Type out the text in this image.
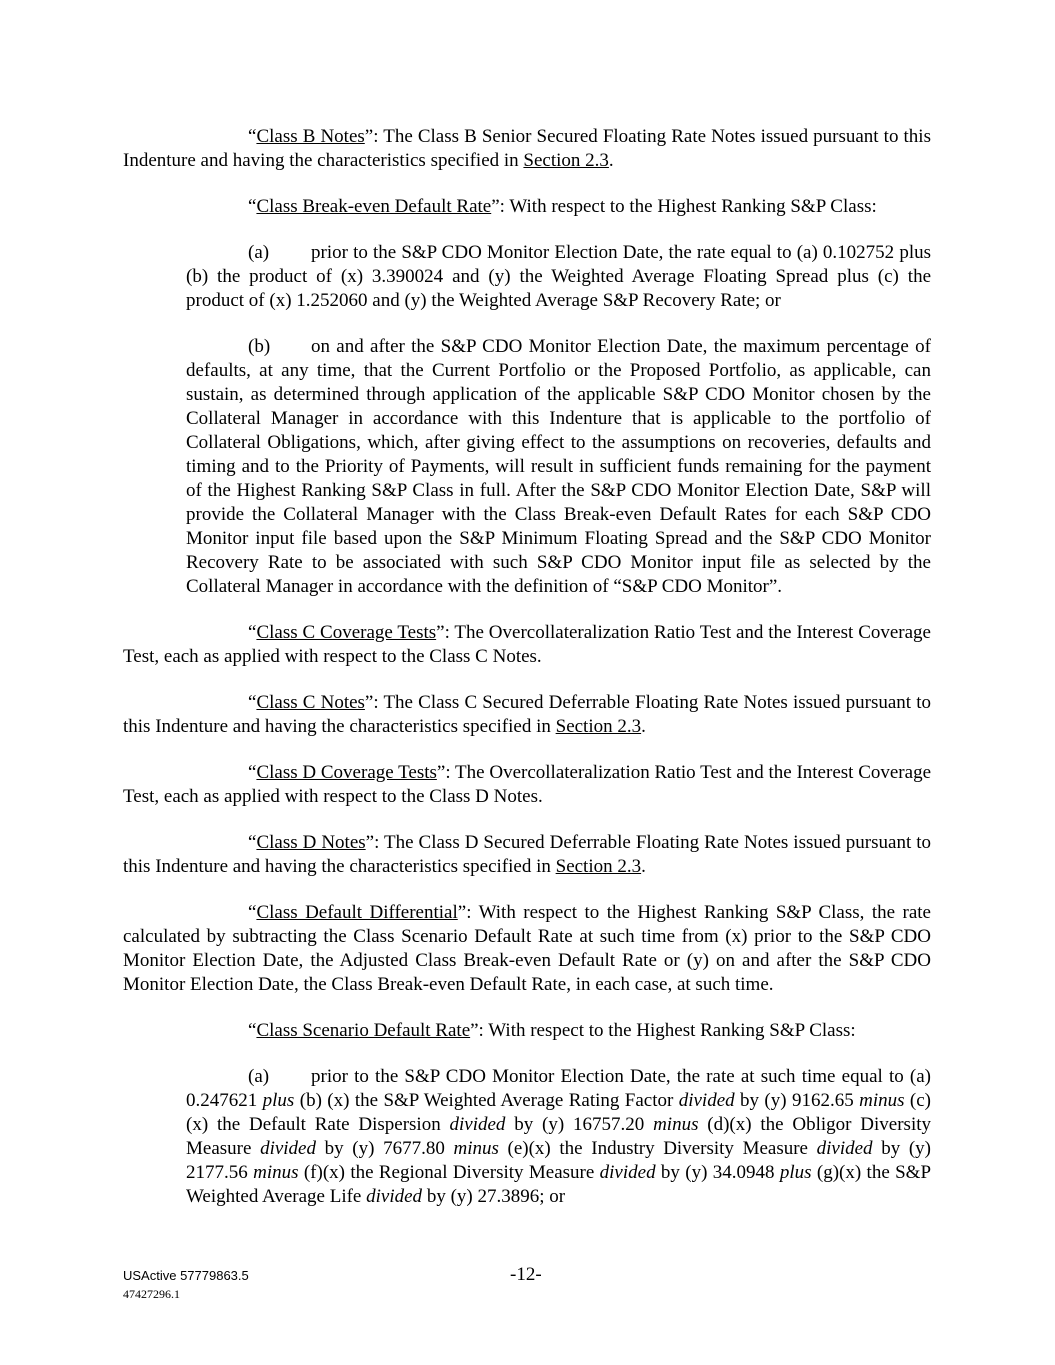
“Class B Notes”: The Class B Senior Secured Floating Rate Notes issued pursuant to this Indenture and having the characteristics specified in Section 2.3.

“Class Break-even Default Rate”: With respect to the Highest Ranking S&P Class:

(a) prior to the S&P CDO Monitor Election Date, the rate equal to (a) 0.102752 plus (b) the product of (x) 3.390024 and (y) the Weighted Average Floating Spread plus (c) the product of (x) 1.252060 and (y) the Weighted Average S&P Recovery Rate; or

(b) on and after the S&P CDO Monitor Election Date, the maximum percentage of defaults, at any time, that the Current Portfolio or the Proposed Portfolio, as applicable, can sustain, as determined through application of the applicable S&P CDO Monitor chosen by the Collateral Manager in accordance with this Indenture that is applicable to the portfolio of Collateral Obligations, which, after giving effect to the assumptions on recoveries, defaults and timing and to the Priority of Payments, will result in sufficient funds remaining for the payment of the Highest Ranking S&P Class in full. After the S&P CDO Monitor Election Date, S&P will provide the Collateral Manager with the Class Break-even Default Rates for each S&P CDO Monitor input file based upon the S&P Minimum Floating Spread and the S&P CDO Monitor Recovery Rate to be associated with such S&P CDO Monitor input file as selected by the Collateral Manager in accordance with the definition of “S&P CDO Monitor”.

“Class C Coverage Tests”: The Overcollateralization Ratio Test and the Interest Coverage Test, each as applied with respect to the Class C Notes.

“Class C Notes”: The Class C Secured Deferrable Floating Rate Notes issued pursuant to this Indenture and having the characteristics specified in Section 2.3.

“Class D Coverage Tests”: The Overcollateralization Ratio Test and the Interest Coverage Test, each as applied with respect to the Class D Notes.

“Class D Notes”: The Class D Secured Deferrable Floating Rate Notes issued pursuant to this Indenture and having the characteristics specified in Section 2.3.

“Class Default Differential”: With respect to the Highest Ranking S&P Class, the rate calculated by subtracting the Class Scenario Default Rate at such time from (x) prior to the S&P CDO Monitor Election Date, the Adjusted Class Break-even Default Rate or (y) on and after the S&P CDO Monitor Election Date, the Class Break-even Default Rate, in each case, at such time.

“Class Scenario Default Rate”: With respect to the Highest Ranking S&P Class:

(a) prior to the S&P CDO Monitor Election Date, the rate at such time equal to (a) 0.247621 plus (b) (x) the S&P Weighted Average Rating Factor divided by (y) 9162.65 minus (c) (x) the Default Rate Dispersion divided by (y) 16757.20 minus (d)(x) the Obligor Diversity Measure divided by (y) 7677.80 minus (e)(x) the Industry Diversity Measure divided by (y) 2177.56 minus (f)(x) the Regional Diversity Measure divided by (y) 34.0948 plus (g)(x) the S&P Weighted Average Life divided by (y) 27.3896; or

USActive 57779863.5
47427296.1
-12-
